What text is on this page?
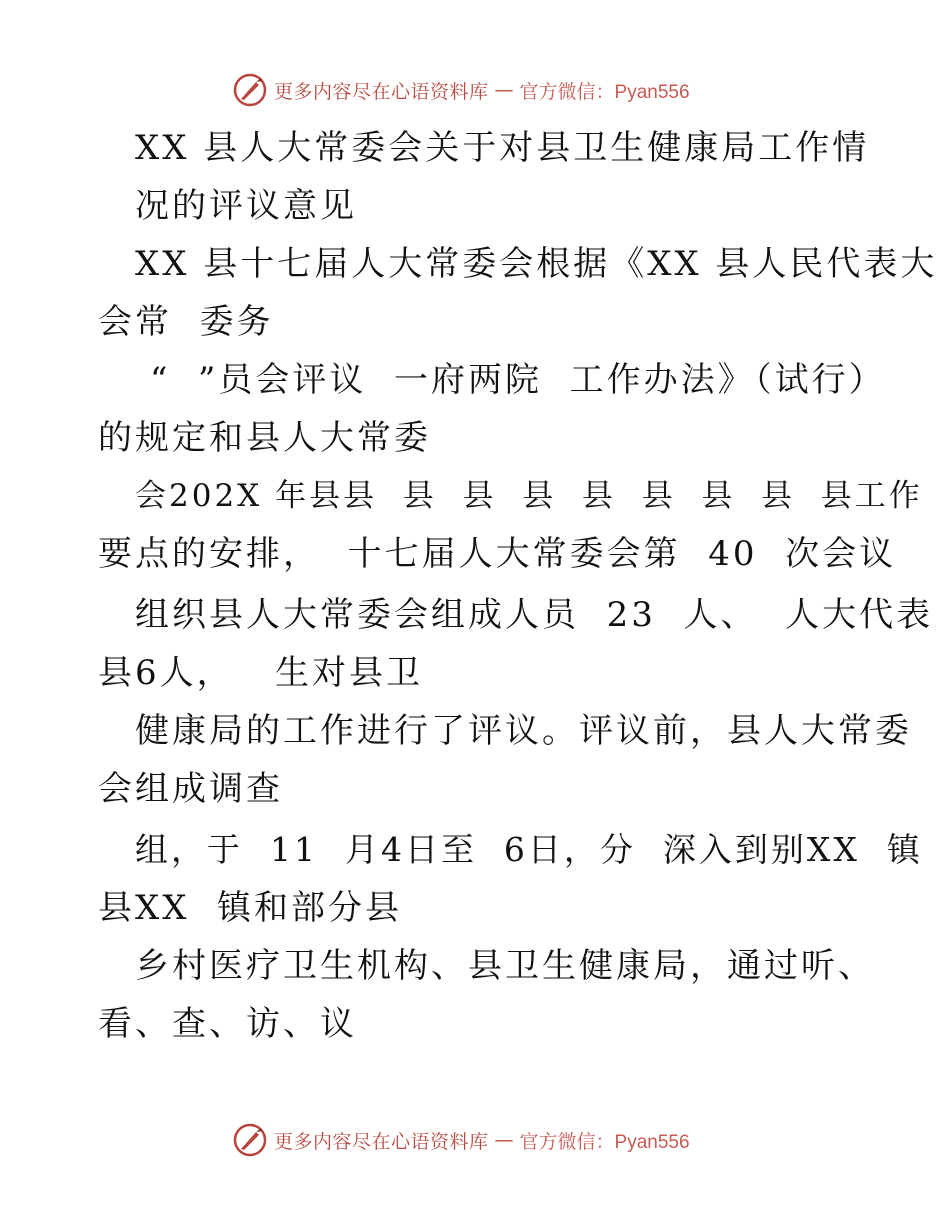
更多内容尽在心语资料库 — 官方微信：Pyan556
XX 县人大常委会关于对县卫生健康局工作情
况的评议意见
XX 县十七届人大常委会根据《XX 县人民代表大
会常  委务
“  ”员会评议  一府两院  工作办法》（试行）
的规定和县人大常委
会202X 年县县  县  县  县  县  县  县  县  县工作
要点的安排，  十七届人大常委会第  40  次会议
组织县人大常委会组成人员  23  人、  人大代表
县6人，   生对县卫
健康局的工作进行了评议。评议前，县人大常委
会组成调查
组，于  11  月4日至  6日，分  深入到别XX  镇
县XX  镇和部分县
乡村医疗卫生机构、县卫生健康局，通过听、
看、查、访、议
更多内容尽在心语资料库 — 官方微信：Pyan556
